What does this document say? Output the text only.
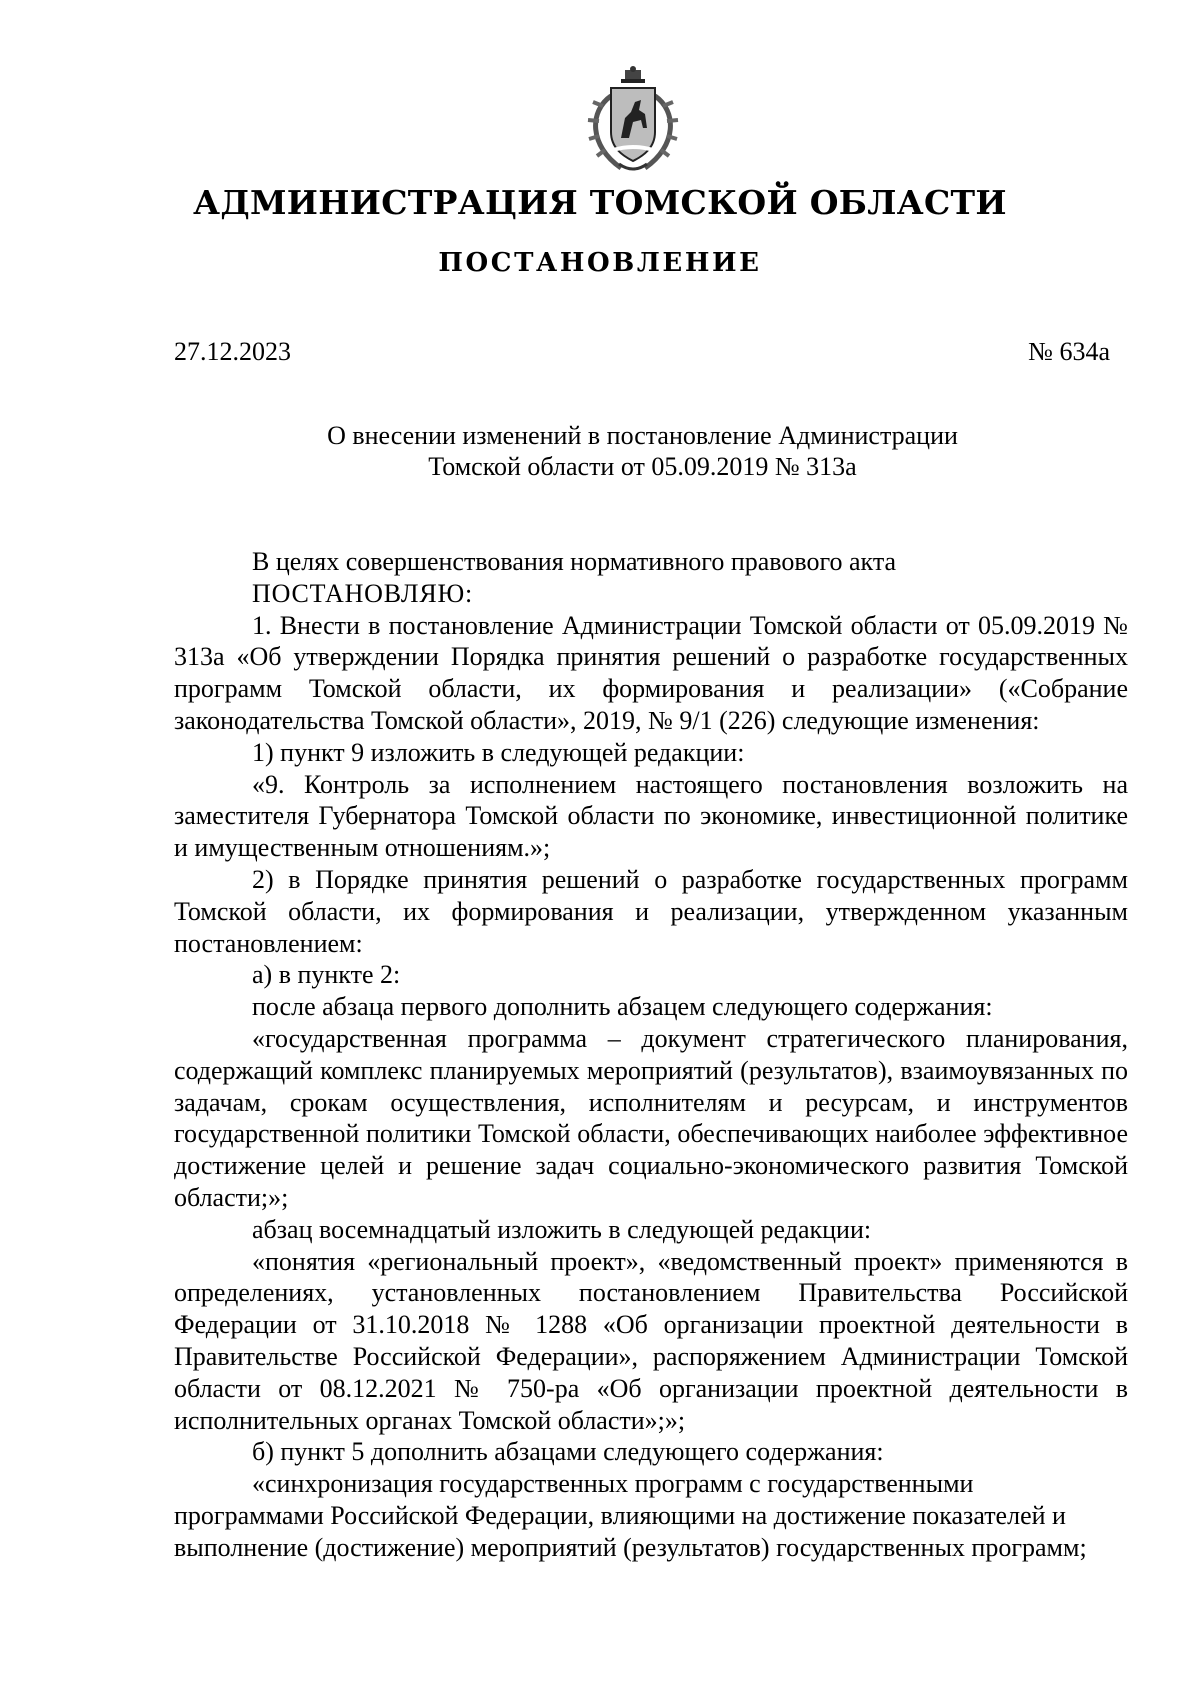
АДМИНИСТРАЦИЯ ТОМСКОЙ ОБЛАСТИ
ПОСТАНОВЛЕНИЕ
27.12.2023	№ 634а
О внесении изменений в постановление Администрации
Томской области от 05.09.2019 № 313а

В целях совершенствования нормативного правового акта

ПОСТАНОВЛЯЮ:

1. Внести в постановление Администрации Томской области от 05.09.2019 № 313а «Об утверждении Порядка принятия решений о разработке государственных программ Томской области, их формирования и реализации» («Собрание законодательства Томской области», 2019, № 9/1 (226) следующие изменения:

1) пункт 9 изложить в следующей редакции:

«9. Контроль за исполнением настоящего постановления возложить на заместителя Губернатора Томской области по экономике, инвестиционной политике и имущественным отношениям.»;

2) в Порядке принятия решений о разработке государственных программ Томской области, их формирования и реализации, утвержденном указанным постановлением:

а) в пункте 2:

после абзаца первого дополнить абзацем следующего содержания:

«государственная программа – документ стратегического планирования, содержащий комплекс планируемых мероприятий (результатов), взаимоувязанных по задачам, срокам осуществления, исполнителям и ресурсам, и инструментов государственной политики Томской области, обеспечивающих наиболее эффективное достижение целей и решение задач социально-экономического развития Томской области;»;

абзац восемнадцатый изложить в следующей редакции:

«понятия «региональный проект», «ведомственный проект» применяются в определениях, установленных постановлением Правительства Российской Федерации от 31.10.2018 № 1288 «Об организации проектной деятельности в Правительстве Российской Федерации», распоряжением Администрации Томской области от 08.12.2021 № 750-ра «Об организации проектной деятельности в исполнительных органах Томской области»;»;

б) пункт 5 дополнить абзацами следующего содержания:

«синхронизация государственных программ с государственными программами Российской Федерации, влияющими на достижение показателей и выполнение (достижение) мероприятий (результатов) государственных программ;
